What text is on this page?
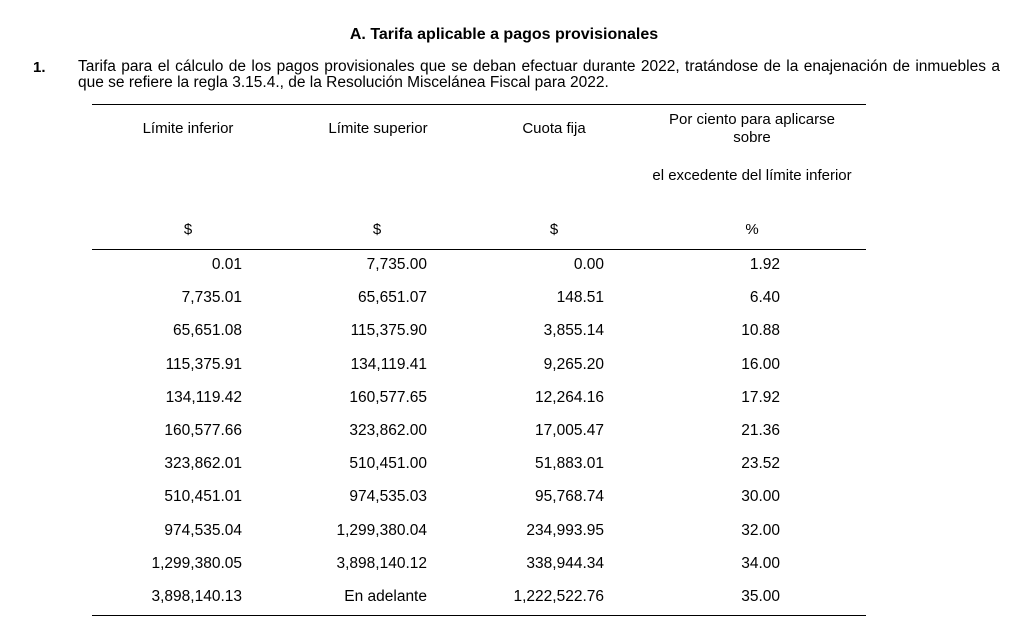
A. Tarifa aplicable a pagos provisionales
1. Tarifa para el cálculo de los pagos provisionales que se deban efectuar durante 2022, tratándose de la enajenación de inmuebles a que se refiere la regla 3.15.4., de la Resolución Miscelánea Fiscal para 2022.
Límite inferior	Límite superior	Cuota fija
Por ciento para aplicarse sobre
el excedente del límite inferior
$	$	$	%
0.01	7,735.00	0.00	1.92
7,735.01	65,651.07	148.51	6.40
65,651.08	115,375.90	3,855.14	10.88
115,375.91	134,119.41	9,265.20	16.00
134,119.42	160,577.65	12,264.16	17.92
160,577.66	323,862.00	17,005.47	21.36
323,862.01	510,451.00	51,883.01	23.52
510,451.01	974,535.03	95,768.74	30.00
974,535.04	1,299,380.04	234,993.95	32.00
1,299,380.05	3,898,140.12	338,944.34	34.00
3,898,140.13	En adelante	1,222,522.76	35.00
